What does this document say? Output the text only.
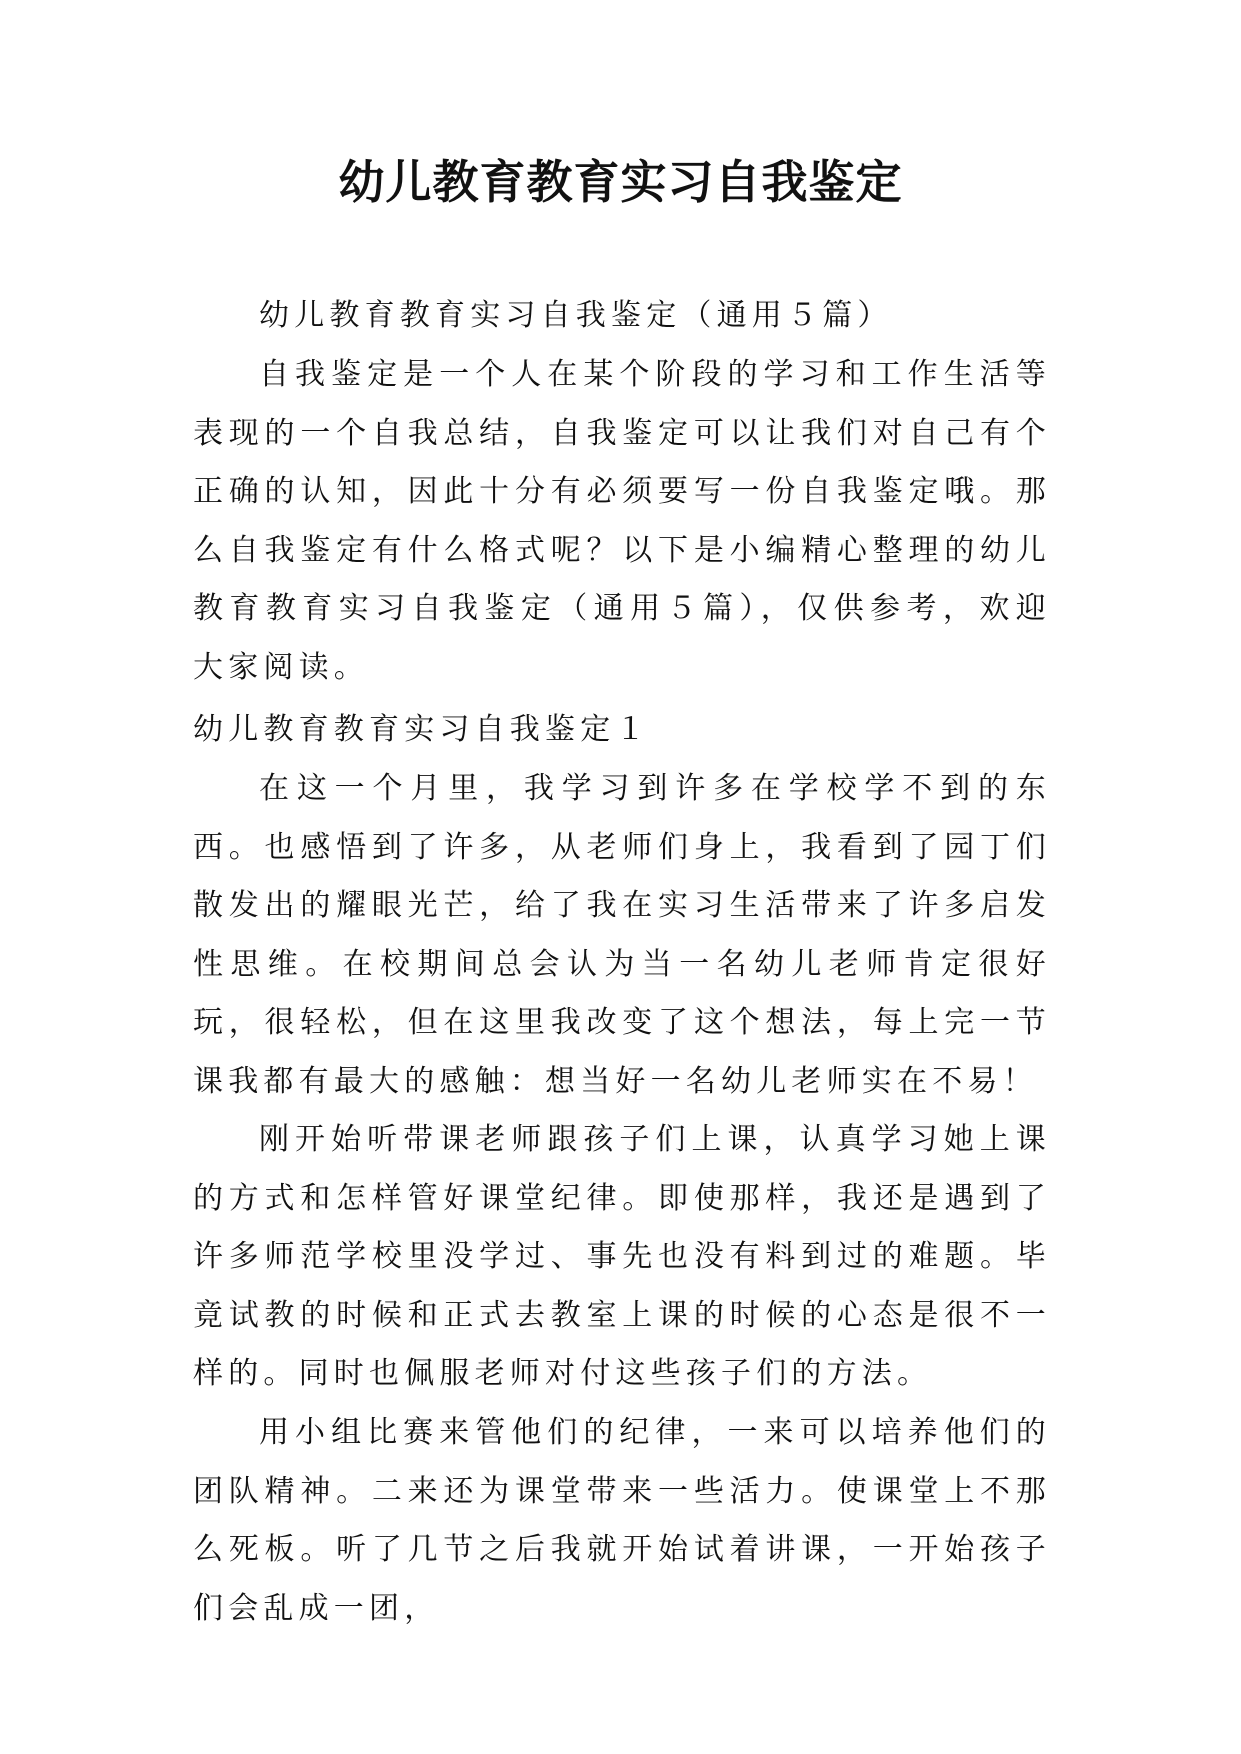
幼儿教育教育实习自我鉴定

幼儿教育教育实习自我鉴定（通用５篇）

自我鉴定是一个人在某个阶段的学习和工作生活等表现的一个自我总结，自我鉴定可以让我们对自己有个正确的认知，因此十分有必须要写一份自我鉴定哦。那么自我鉴定有什么格式呢？以下是小编精心整理的幼儿教育教育实习自我鉴定（通用５篇），仅供参考，欢迎大家阅读。

幼儿教育教育实习自我鉴定１

在这一个月里，我学习到许多在学校学不到的东西。也感悟到了许多，从老师们身上，我看到了园丁们散发出的耀眼光芒，给了我在实习生活带来了许多启发性思维。在校期间总会认为当一名幼儿老师肯定很好玩，很轻松，但在这里我改变了这个想法，每上完一节课我都有最大的感触：想当好一名幼儿老师实在不易！

刚开始听带课老师跟孩子们上课，认真学习她上课的方式和怎样管好课堂纪律。即使那样，我还是遇到了许多师范学校里没学过、事先也没有料到过的难题。毕竟试教的时候和正式去教室上课的时候的心态是很不一样的。同时也佩服老师对付这些孩子们的方法。

用小组比赛来管他们的纪律，一来可以培养他们的团队精神。二来还为课堂带来一些活力。使课堂上不那么死板。听了几节之后我就开始试着讲课，一开始孩子们会乱成一团，
